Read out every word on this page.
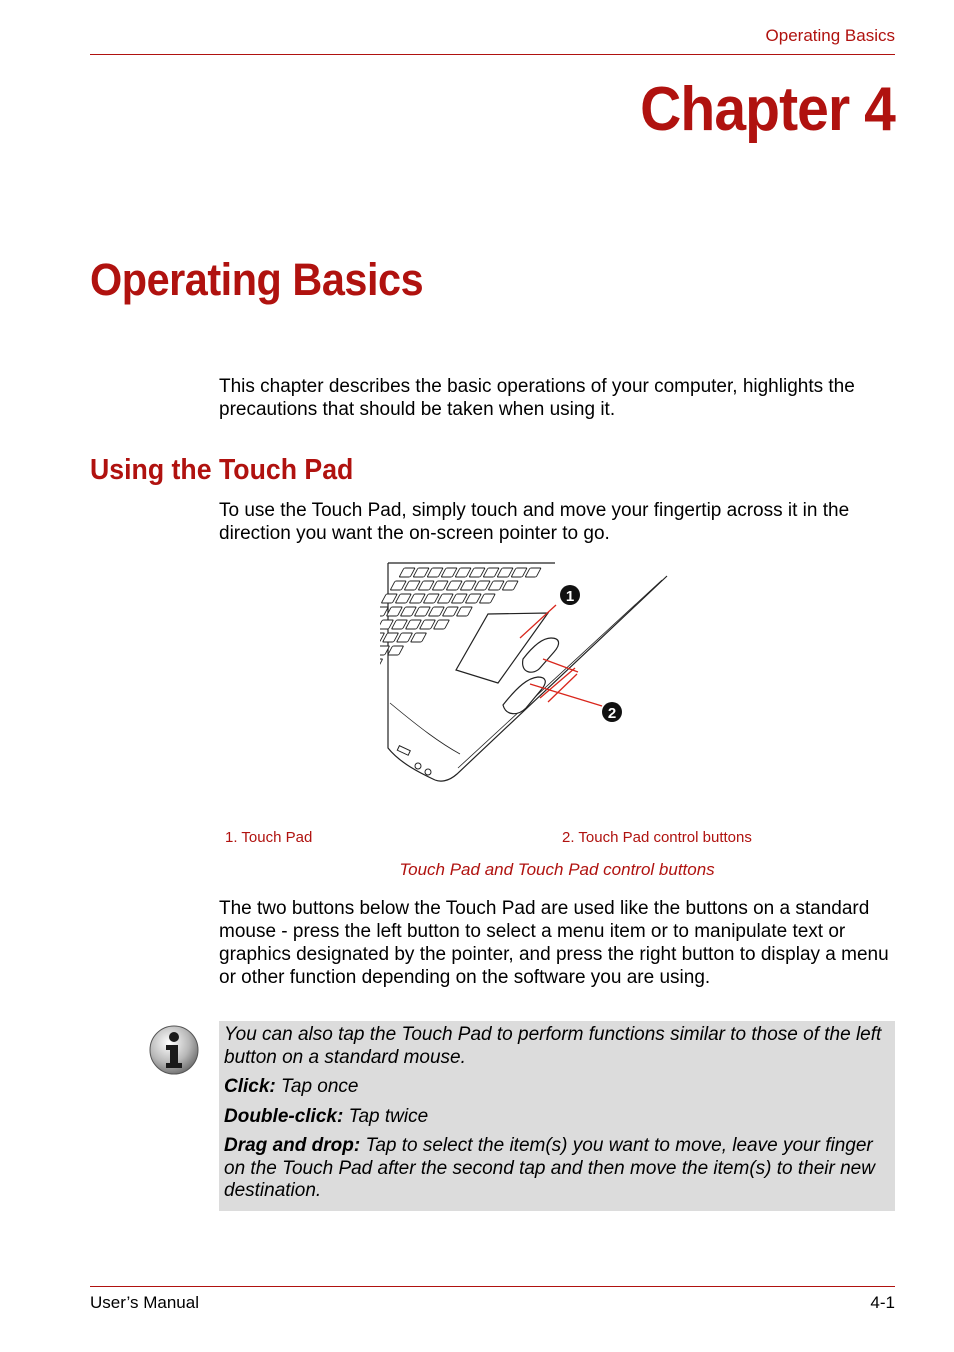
Operating Basics
Chapter 4
Operating Basics
This chapter describes the basic operations of your computer, highlights the precautions that should be taken when using it.
Using the Touch Pad
To use the Touch Pad, simply touch and move your fingertip across it in the direction you want the on-screen pointer to go.
1
2
1. Touch Pad	2. Touch Pad control buttons
Touch Pad and Touch Pad control buttons
The two buttons below the Touch Pad are used like the buttons on a standard mouse - press the left button to select a menu item or to manipulate text or graphics designated by the pointer, and press the right button to display a menu or other function depending on the software you are using.

You can also tap the Touch Pad to perform functions similar to those of the left button on a standard mouse.

Click: Tap once

Double-click: Tap twice

Drag and drop: Tap to select the item(s) you want to move, leave your finger on the Touch Pad after the second tap and then move the item(s) to their new destination.

User’s Manual	4-1
